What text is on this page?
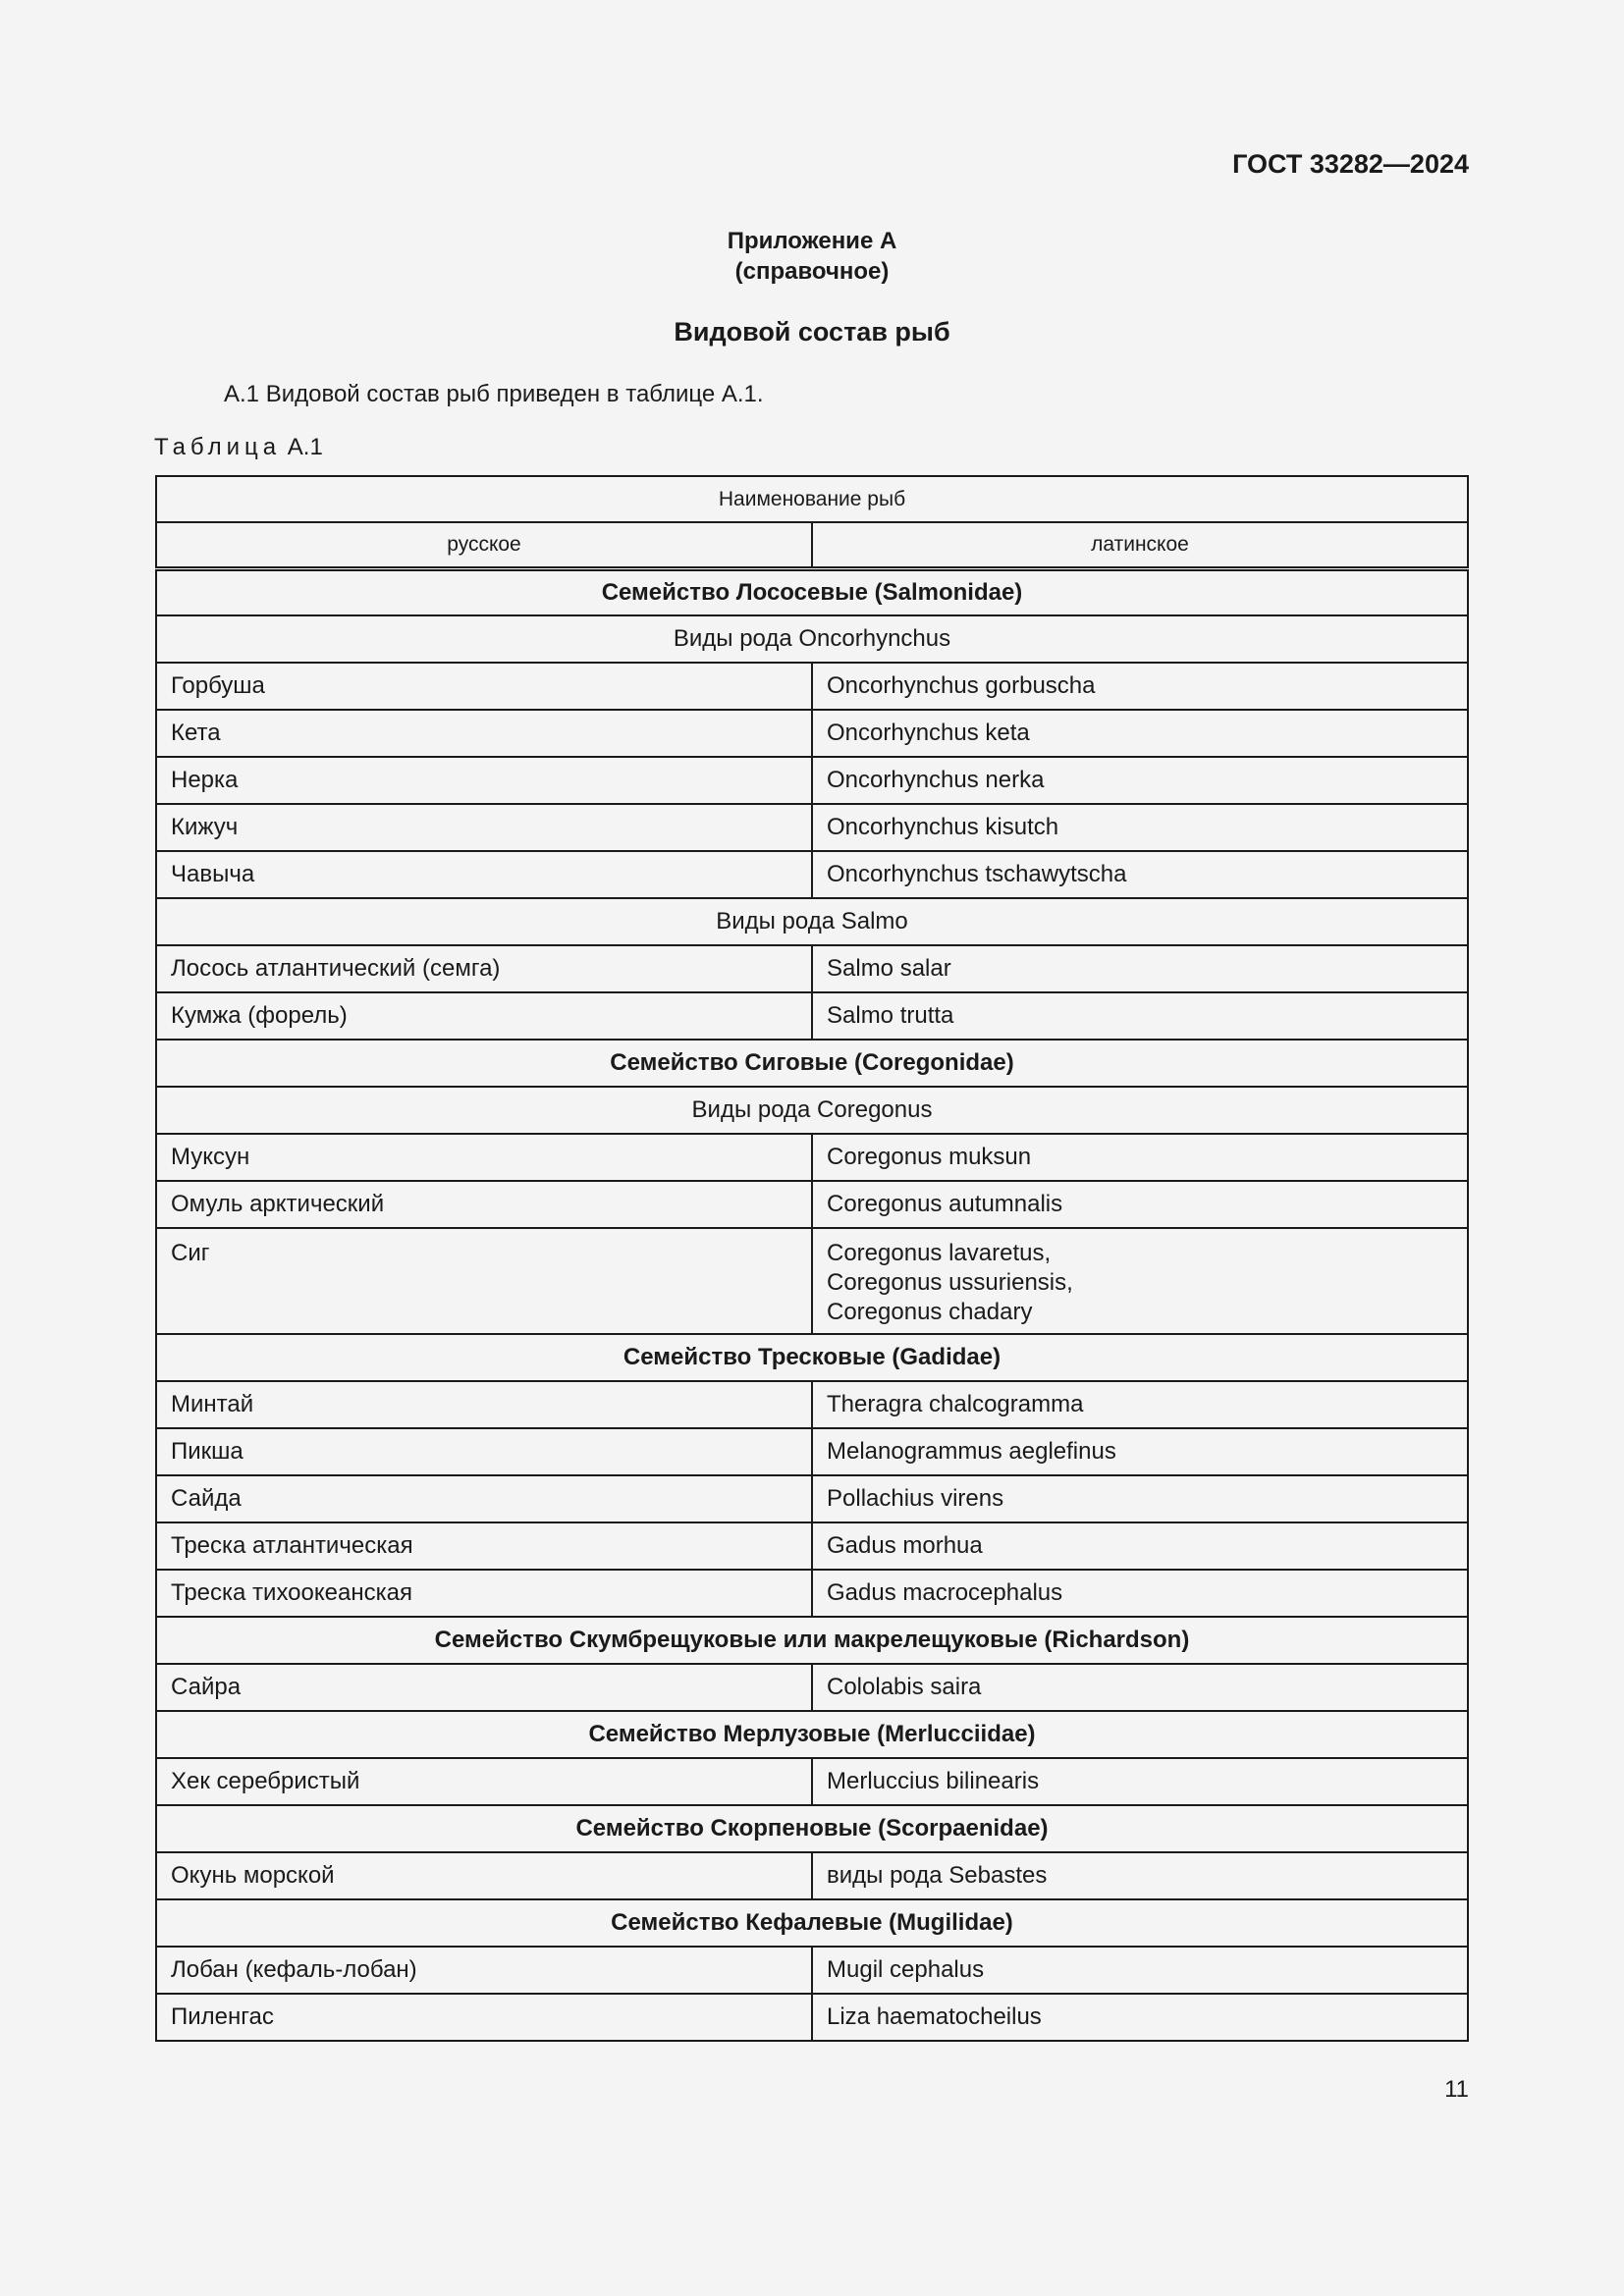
ГОСТ 33282—2024
Приложение А
(справочное)
Видовой состав рыб
А.1 Видовой состав рыб приведен в таблице А.1.
Таблица А.1
Наименование рыб	
русское	латинское
Семейство Лососевые (Salmonidae)	
Виды рода Oncorhynchus	
Горбуша	Oncorhynchus gorbuscha
Кета	Oncorhynchus keta
Нерка	Oncorhynchus nerka
Кижуч	Oncorhynchus kisutch
Чавыча	Oncorhynchus tschawytscha
Виды рода Salmo	
Лосось атлантический (семга)	Salmo salar
Кумжа (форель)	Salmo trutta
Семейство Сиговые (Coregonidae)	
Виды рода Coregonus	
Муксун	Coregonus muksun
Омуль арктический	Coregonus autumnalis
Сиг	Coregonus lavaretus,
Coregonus ussuriensis,
Coregonus chadary
Семейство Тресковые (Gadidae)	
Минтай	Theragra chalcogramma
Пикша	Melanogrammus aeglefinus
Сайда	Pollachius virens
Треска атлантическая	Gadus morhua
Треска тихоокеанская	Gadus macrocephalus
Семейство Скумбрещуковые или макрелещуковые (Richardson)	
Сайра	Cololabis saira
Семейство Мерлузовые (Merlucciidae)	
Хек серебристый	Merluccius bilinearis
Семейство Скорпеновые (Scorpaenidae)	
Окунь морской	виды рода Sebastes
Семейство Кефалевые (Mugilidae)	
Лобан (кефаль-лобан)	Mugil cephalus
Пиленгас	Liza haematocheilus
11
